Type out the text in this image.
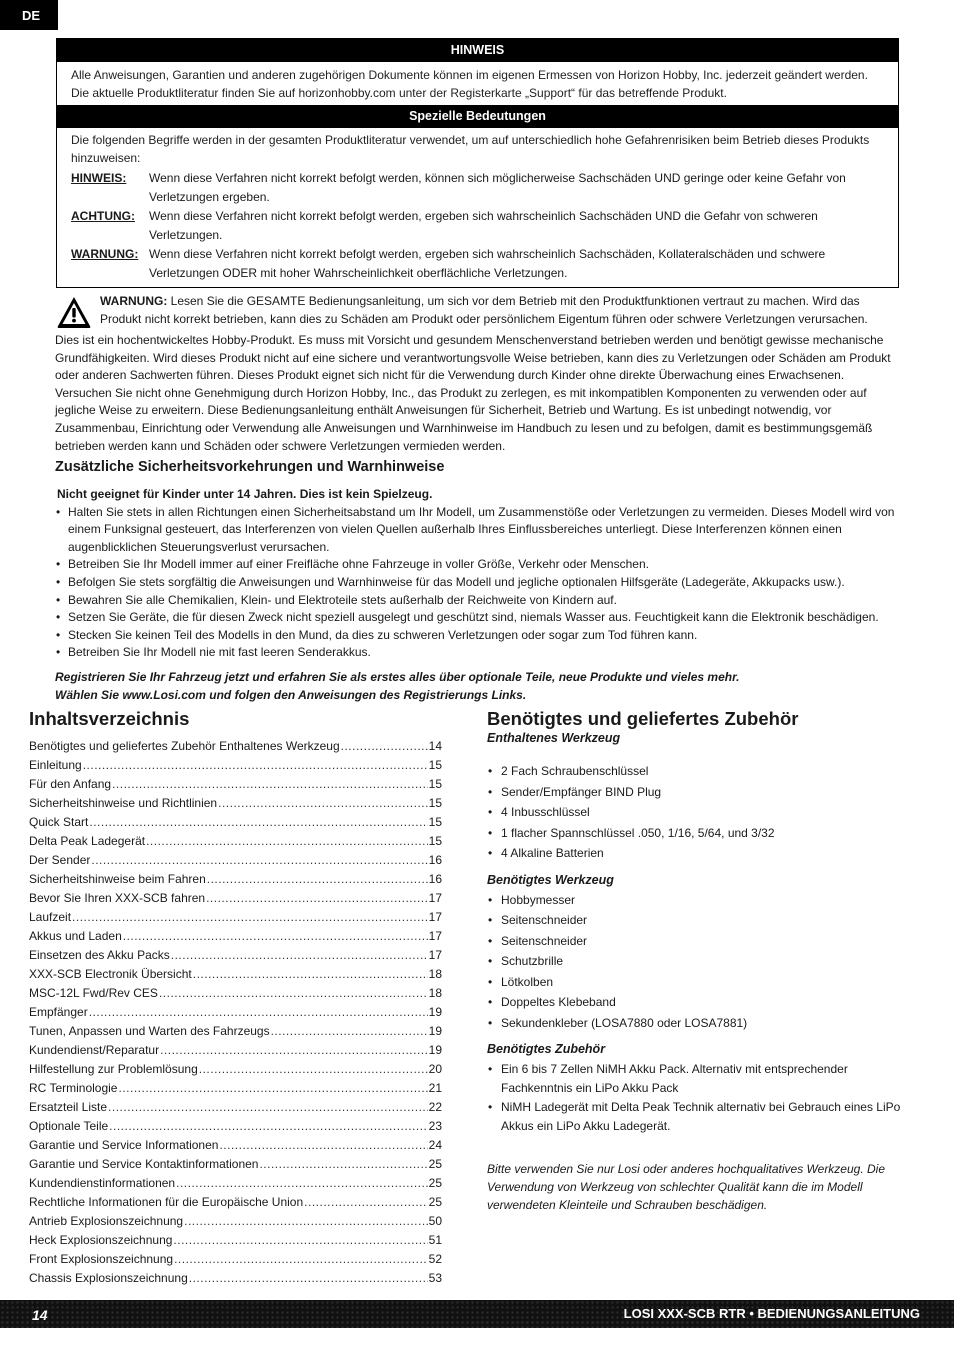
DE
HINWEIS
Alle Anweisungen, Garantien und anderen zugehörigen Dokumente können im eigenen Ermessen von Horizon Hobby, Inc. jederzeit geändert werden. Die aktuelle Produktliteratur finden Sie auf horizonhobby.com unter der Registerkarte „Support“ für das betreffende Produkt.
Spezielle Bedeutungen
Die folgenden Begriffe werden in der gesamten Produktliteratur verwendet, um auf unterschiedlich hohe Gefahrenrisiken beim Betrieb dieses Produkts hinzuweisen:
HINWEIS:	Wenn diese Verfahren nicht korrekt befolgt werden, können sich möglicherweise Sachschäden UND geringe oder keine Gefahr von Verletzungen ergeben.
ACHTUNG:	Wenn diese Verfahren nicht korrekt befolgt werden, ergeben sich wahrscheinlich Sachschäden UND die Gefahr von schweren Verletzungen.
WARNUNG: Wenn diese Verfahren nicht korrekt befolgt werden, ergeben sich wahrscheinlich Sachschäden, Kollateralschäden und schwere Verletzungen ODER mit hoher Wahrscheinlichkeit oberflächliche Verletzungen.
WARNUNG: Lesen Sie die GESAMTE Bedienungsanleitung, um sich vor dem Betrieb mit den Produktfunktionen vertraut zu machen. Wird das Produkt nicht korrekt betrieben, kann dies zu Schäden am Produkt oder persönlichem Eigentum führen oder schwere Verletzungen verursachen.
Dies ist ein hochentwickeltes Hobby-Produkt. Es muss mit Vorsicht und gesundem Menschenverstand betrieben werden und benötigt gewisse mechanische Grundfähigkeiten. Wird dieses Produkt nicht auf eine sichere und verantwortungsvolle Weise betrieben, kann dies zu Verletzungen oder Schäden am Produkt oder anderen Sachwerten führen. Dieses Produkt eignet sich nicht für die Verwendung durch Kinder ohne direkte Überwachung eines Erwachsenen. Versuchen Sie nicht ohne Genehmigung durch Horizon Hobby, Inc., das Produkt zu zerlegen, es mit inkompatiblen Komponenten zu verwenden oder auf jegliche Weise zu erweitern. Diese Bedienungsanleitung enthält Anweisungen für Sicherheit, Betrieb und Wartung. Es ist unbedingt notwendig, vor Zusammenbau, Einrichtung oder Verwendung alle Anweisungen und Warnhinweise im Handbuch zu lesen und zu befolgen, damit es bestimmungsgemäß betrieben werden kann und Schäden oder schwere Verletzungen vermieden werden.
Zusätzliche Sicherheitsvorkehrungen und Warnhinweise
Nicht geeignet für Kinder unter 14 Jahren. Dies ist kein Spielzeug.
• Halten Sie stets in allen Richtungen einen Sicherheitsabstand um Ihr Modell, um Zusammenstöße oder Verletzungen zu vermeiden. Dieses Modell wird von einem Funksignal gesteuert, das Interferenzen von vielen Quellen außerhalb Ihres Einflussbereiches unterliegt. Diese Interferenzen können einen augenblicklichen Steuerungsverlust verursachen.
• Betreiben Sie Ihr Modell immer auf einer Freifläche ohne Fahrzeuge in voller Größe, Verkehr oder Menschen.
• Befolgen Sie stets sorgfältig die Anweisungen und Warnhinweise für das Modell und jegliche optionalen Hilfsgeräte (Ladegeräte, Akkupacks usw.).
• Bewahren Sie alle Chemikalien, Klein- und Elektroteile stets außerhalb der Reichweite von Kindern auf.
• Setzen Sie Geräte, die für diesen Zweck nicht speziell ausgelegt und geschützt sind, niemals Wasser aus. Feuchtigkeit kann die Elektronik beschädigen.
• Stecken Sie keinen Teil des Modells in den Mund, da dies zu schweren Verletzungen oder sogar zum Tod führen kann.
• Betreiben Sie Ihr Modell nie mit fast leeren Senderakkus.
Registrieren Sie Ihr Fahrzeug jetzt und erfahren Sie als erstes alles über optionale Teile, neue Produkte und vieles mehr.
Wählen Sie www.Losi.com und folgen den Anweisungen des Registrierungs Links.
Inhaltsverzeichnis
Benötigtes und geliefertes Zubehör Enthaltenes Werkzeug .....	14
Einleitung .....	15
Für den Anfang .....	15
Sicherheitshinweise und Richtlinien .....	15
Quick Start .....	15
Delta Peak Ladegerät .....	15
Der Sender .....	16
Sicherheitshinweise beim Fahren .....	16
Bevor Sie Ihren XXX-SCB fahren .....	17
Laufzeit .....	17
Akkus und Laden .....	17
Einsetzen des Akku Packs .....	17
XXX-SCB Electronik Übersicht .....	18
MSC-12L Fwd/Rev CES .....	18
Empfänger .....	19
Tunen, Anpassen und Warten des Fahrzeugs .....	19
Kundendienst/Reparatur .....	19
Hilfestellung zur Problemlösung .....	20
RC Terminologie .....	21
Ersatzteil Liste .....	22
Optionale Teile .....	23
Garantie und Service Informationen .....	24
Garantie und Service Kontaktinformationen .....	25
Kundendienstinformationen .....	25
Rechtliche Informationen für die Europäische Union .....	25
Antrieb Explosionszeichnung .....	50
Heck Explosionszeichnung .....	51
Front Explosionszeichnung .....	52
Chassis Explosionszeichnung .....	53
Benötigtes und geliefertes Zubehör
Enthaltenes Werkzeug
• 2 Fach Schraubenschlüssel
• Sender/Empfänger BIND Plug
• 4 Inbusschlüssel
• 1 flacher Spannschlüssel .050, 1/16, 5/64, und 3/32
• 4 Alkaline Batterien
Benötigtes Werkzeug
• Hobbymesser
• Seitenschneider
• Seitenschneider
• Schutzbrille
• Lötkolben
• Doppeltes Klebeband
• Sekundenkleber (LOSA7880 oder LOSA7881)
Benötigtes Zubehör
• Ein 6 bis 7 Zellen NiMH Akku Pack. Alternativ mit entsprechender Fachkenntnis ein LiPo Akku Pack
• NiMH Ladegerät mit Delta Peak Technik alternativ bei Gebrauch eines LiPo Akkus ein LiPo Akku Ladegerät.

Bitte verwenden Sie nur Losi oder anderes hochqualitatives Werkzeug. Die Verwendung von Werkzeug von schlechter Qualität kann die im Modell verwendeten Kleinteile und Schrauben beschädigen.

14	LOSI XXX-SCB RTR • BEDIENUNGSANLEITUNG
